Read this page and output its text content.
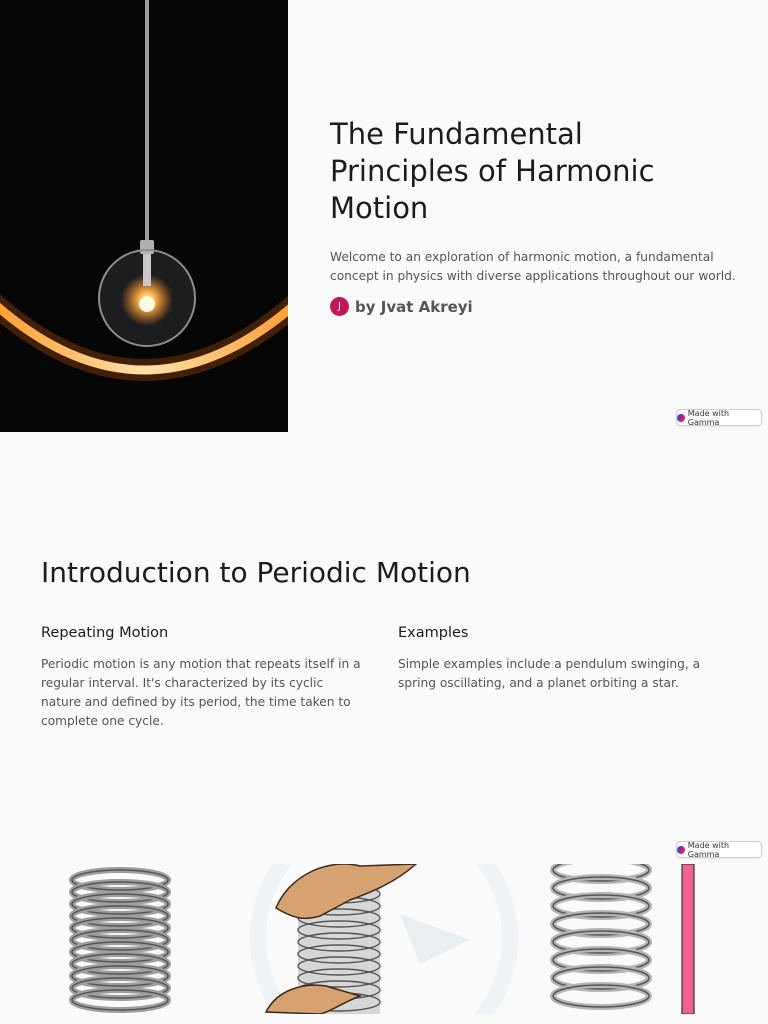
The Fundamental Principles of Harmonic Motion

Welcome to an exploration of harmonic motion, a fundamental concept in physics with diverse applications throughout our world.

J by Jvat Akreyi
Made with Gamma
Introduction to Periodic Motion
Repeating Motion

Periodic motion is any motion that repeats itself in a regular interval. It's characterized by its cyclic nature and defined by its period, the time taken to complete one cycle.

Examples

Simple examples include a pendulum swinging, a spring oscillating, and a planet orbiting a star.

Made with Gamma
